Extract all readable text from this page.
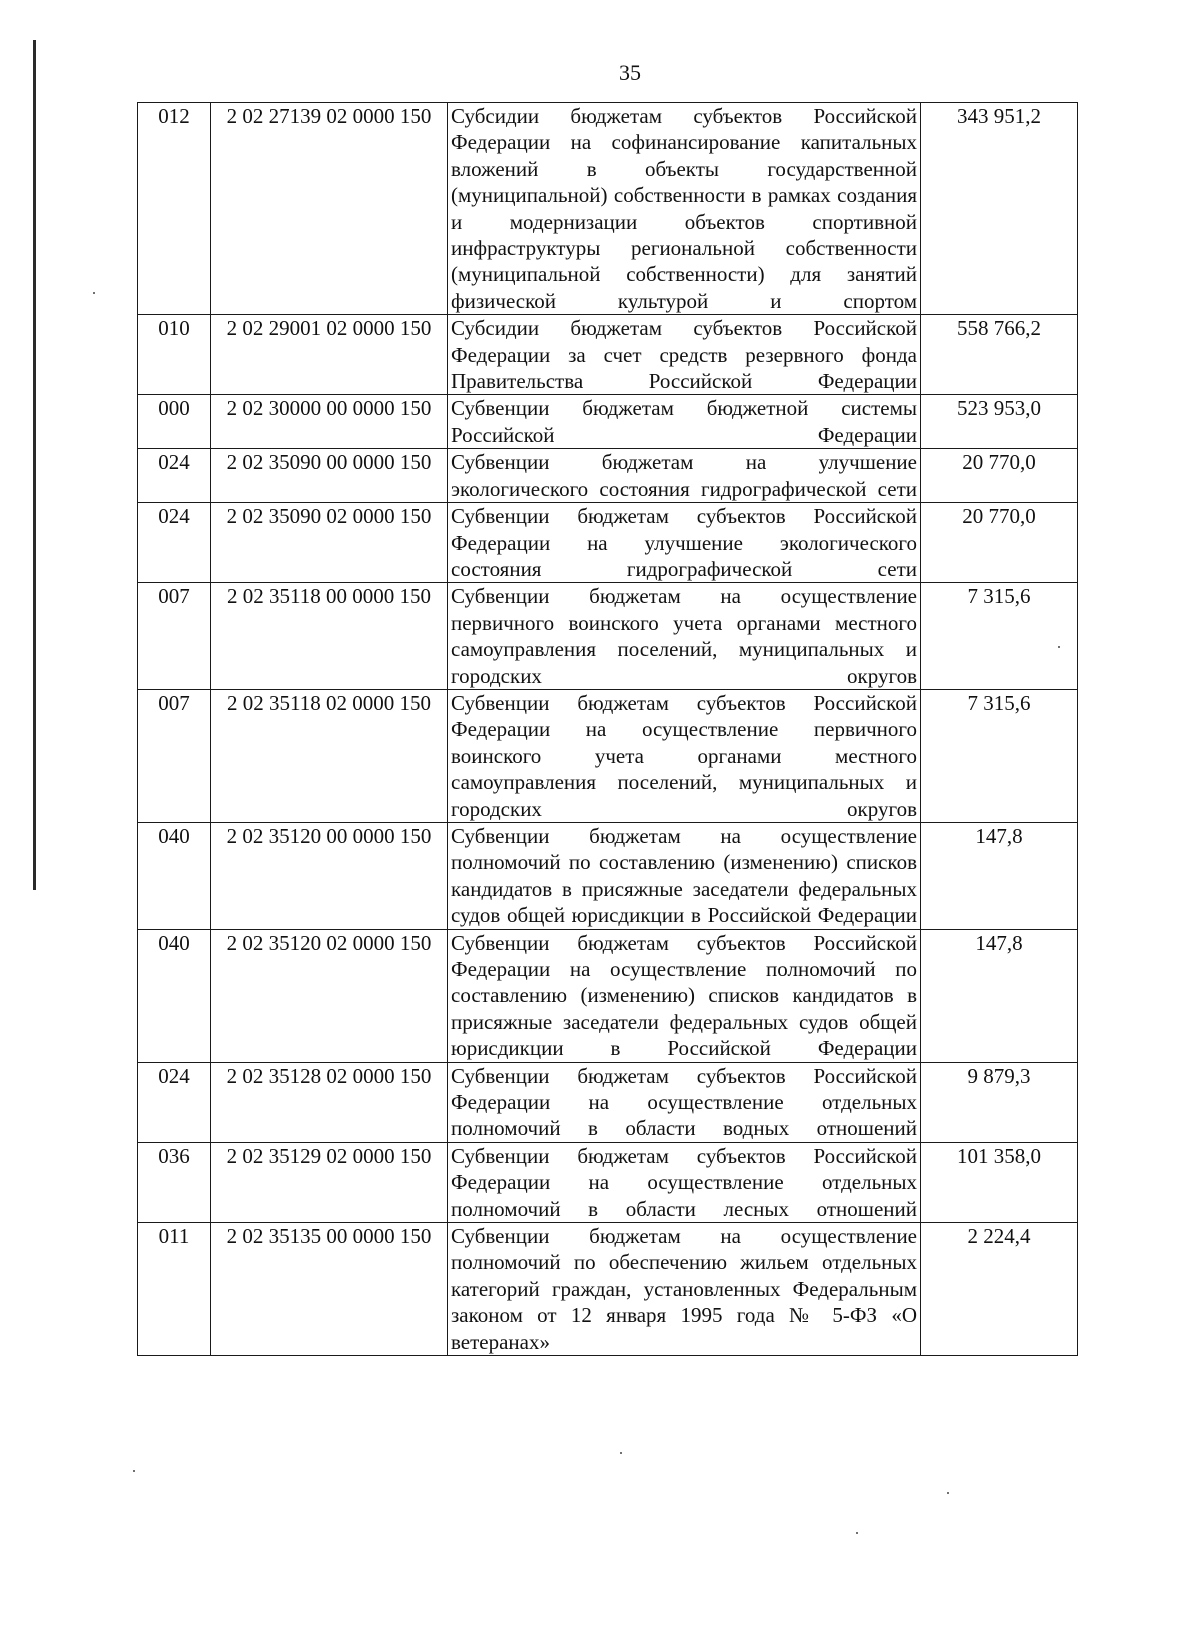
35
012	2 02 27139 02 0000 150	Субсидии бюджетам субъектов Российской Федерации на софинансирование капитальных вложений в объекты государственной (муниципальной) собственности в рамках создания и модернизации объектов спортивной инфраструктуры региональной собственности (муниципальной собственности) для занятий физической культурой и спортом	343 951,2
010	2 02 29001 02 0000 150	Субсидии бюджетам субъектов Российской Федерации за счет средств резервного фонда Правительства Российской Федерации	558 766,2
000	2 02 30000 00 0000 150	Субвенции бюджетам бюджетной системы Российской Федерации	523 953,0
024	2 02 35090 00 0000 150	Субвенции бюджетам на улучшение экологического состояния гидрографической сети	20 770,0
024	2 02 35090 02 0000 150	Субвенции бюджетам субъектов Российской Федерации на улучшение экологического состояния гидрографической сети	20 770,0
007	2 02 35118 00 0000 150	Субвенции бюджетам на осуществление первичного воинского учета органами местного самоуправления поселений, муниципальных и городских округов	7 315,6
007	2 02 35118 02 0000 150	Субвенции бюджетам субъектов Российской Федерации на осуществление первичного воинского учета органами местного самоуправления поселений, муниципальных и городских округов	7 315,6
040	2 02 35120 00 0000 150	Субвенции бюджетам на осуществление полномочий по составлению (изменению) списков кандидатов в присяжные заседатели федеральных судов общей юрисдикции в Российской Федерации	147,8
040	2 02 35120 02 0000 150	Субвенции бюджетам субъектов Российской Федерации на осуществление полномочий по составлению (изменению) списков кандидатов в присяжные заседатели федеральных судов общей юрисдикции в Российской Федерации	147,8
024	2 02 35128 02 0000 150	Субвенции бюджетам субъектов Российской Федерации на осуществление отдельных полномочий в области водных отношений	9 879,3
036	2 02 35129 02 0000 150	Субвенции бюджетам субъектов Российской Федерации на осуществление отдельных полномочий в области лесных отношений	101 358,0
011	2 02 35135 00 0000 150	Субвенции бюджетам на осуществление полномочий по обеспечению жильем отдельных категорий граждан, установленных Федеральным законом от 12 января 1995 года № 5-ФЗ «О ветеранах»	2 224,4
